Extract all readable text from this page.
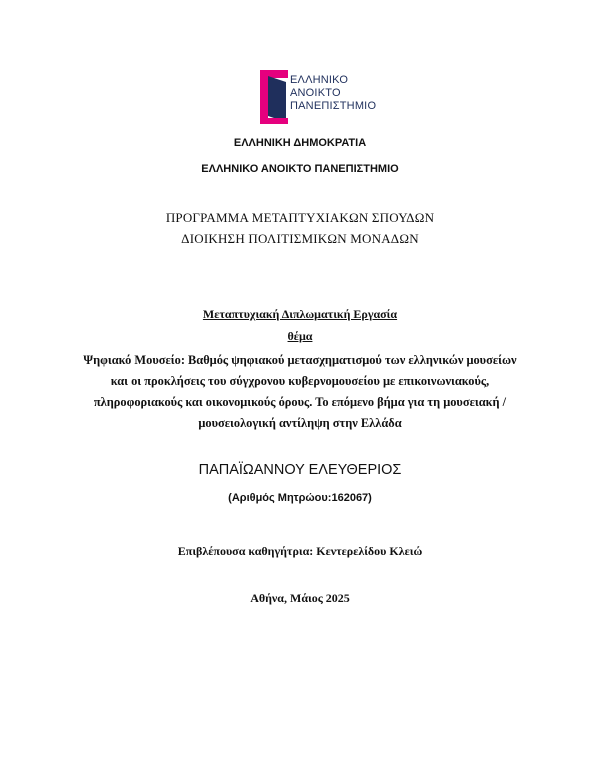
ΕΛΛΗΝΙΚΟ
ΑΝΟΙΚΤΟ
ΠΑΝΕΠΙΣΤΗΜΙΟ
ΕΛΛΗΝΙΚΗ ΔΗΜΟΚΡΑΤΙΑ
ΕΛΛΗΝΙΚΟ ΑΝΟΙΚΤΟ ΠΑΝΕΠΙΣΤΗΜΙΟ
ΠΡΟΓΡΑΜΜΑ ΜΕΤΑΠΤΥΧΙΑΚΩΝ ΣΠΟΥΔΩΝ
ΔΙΟΙΚΗΣΗ ΠΟΛΙΤΙΣΜΙΚΩΝ ΜΟΝΑΔΩΝ
Μεταπτυχιακή Διπλωματική Εργασία
θέμα
Ψηφιακό Μουσείο: Βαθμός ψηφιακού μετασχηματισμού των ελληνικών μουσείων και οι προκλήσεις του σύγχρονου κυβερνομουσείου με επικοινωνιακούς, πληροφοριακούς και οικονομικούς όρους. Το επόμενο βήμα για τη μουσειακή / μουσειολογική αντίληψη στην Ελλάδα
ΠΑΠΑΪΩΑΝΝΟΥ ΕΛΕΥΘΕΡΙΟΣ
(Αριθμός Μητρώου:162067)
Επιβλέπουσα καθηγήτρια: Κεντερελίδου Κλειώ
Αθήνα, Μάιος 2025
